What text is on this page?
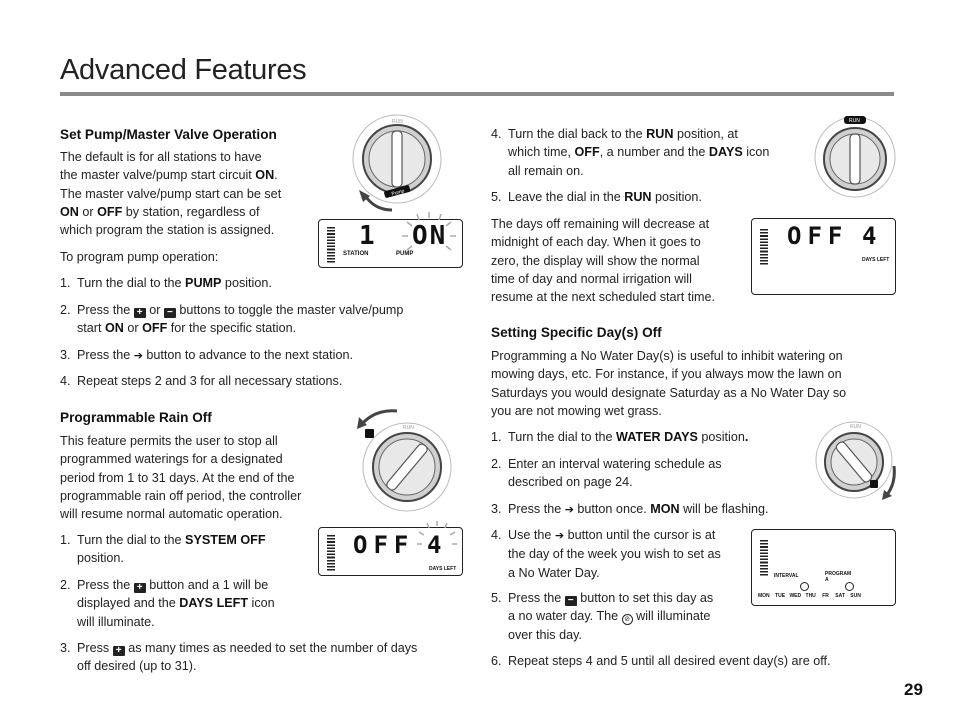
Advanced Features
29
Set Pump/Master Valve Operation

The default is for all stations to have

the master valve/pump start circuit ON.

The master valve/pump start can be set

ON or OFF by station, regardless of

which program the station is assigned.

To program pump operation:
1. Turn the dial to the PUMP position.
2. Press the + or − buttons to toggle the master valve/pump
start ON or OFF for the specific station.
3. Press the ➔ button to advance to the next station.
4. Repeat steps 2 and 3 for all necessary stations.
Pump
RUN
1 ON
STATION	PUMP
Programmable Rain Off

This feature permits the user to stop all

programmed waterings for a designated

period from 1 to 31 days. At the end of the

programmable rain off period, the controller

will resume normal automatic operation.

1. Turn the dial to the SYSTEM OFF
position.
2. Press the + button and a 1 will be
displayed and the DAYS LEFT icon
will illuminate.
3. Press + as many times as needed to set the number of days
off desired (up to 31).
RUN
OFF 4
DAYS LEFT
4. Turn the dial back to the RUN position, at
which time, OFF, a number and the DAYS icon
all remain on.
5. Leave the dial in the RUN position.

The days off remaining will decrease at

midnight of each day. When it goes to

zero, the display will show the normal

time of day and normal irrigation will

resume at the next scheduled start time.

RUN
OFF 4
DAYS LEFT
Setting Specific Day(s) Off

Programming a No Water Day(s) is useful to inhibit watering on

mowing days, etc. For instance, if you always mow the lawn on

Saturdays you would designate Saturday as a No Water Day so

you are not mowing wet grass.

1. Turn the dial to the WATER DAYS position.
2. Enter an interval watering schedule as
described on page 24.
3. Press the ➔ button once. MON will be flashing.
4. Use the ➔ button until the cursor is at
the day of the week you wish to set as
a No Water Day.
5. Press the − button to set this day as
a no water day. The ⊘ will illuminate
over this day.
6. Repeat steps 4 and 5 until all desired event day(s) are off.
RUN
INTERVAL	PROGRAM
A
MON TUE WED THU FR SAT SUN
